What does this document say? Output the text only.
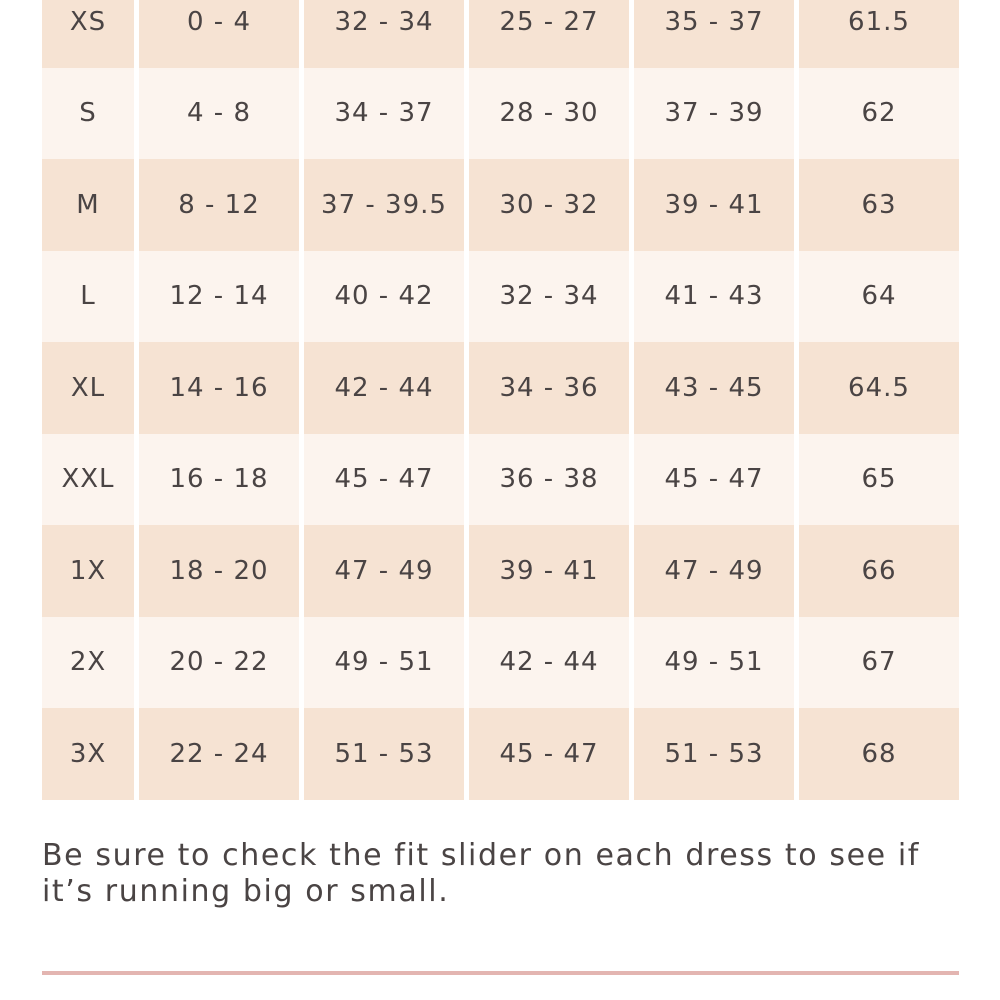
XS	0 - 4	32 - 34	25 - 27	35 - 37	61.5
S	4 - 8	34 - 37	28 - 30	37 - 39	62
M	8 - 12	37 - 39.5	30 - 32	39 - 41	63
L	12 - 14	40 - 42	32 - 34	41 - 43	64
XL	14 - 16	42 - 44	34 - 36	43 - 45	64.5
XXL	16 - 18	45 - 47	36 - 38	45 - 47	65
1X	18 - 20	47 - 49	39 - 41	47 - 49	66
2X	20 - 22	49 - 51	42 - 44	49 - 51	67
3X	22 - 24	51 - 53	45 - 47	51 - 53	68

Be sure to check the fit slider on each dress to see if it’s running big or small.
